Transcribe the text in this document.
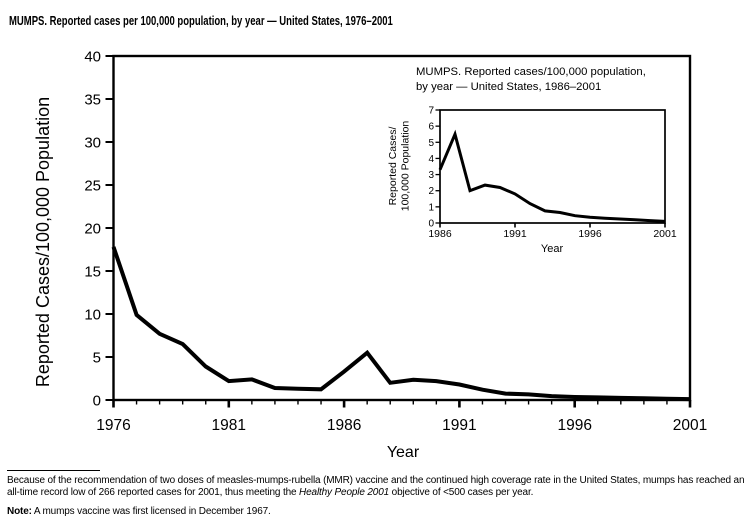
MUMPS. Reported cases per 100,000 population, by year — United States, 1976–2001
0
5
10
15
20
25
30
35
40
1976	1981	1986	1991	1996	2001
Year
Reported Cases/100,000 Population	0
1
2
3
4
5
6
7
1986	1991	1996	2001
Year
Reported Cases/ 100,000 Population
MUMPS. Reported cases/100,000 population,
by year — United States, 1986–2001

Because of the recommendation of two doses of measles-mumps-rubella (MMR) vaccine and the continued high coverage rate in the United States, mumps has reached an all-time record low of 266 reported cases for 2001, thus meeting the Healthy People 2001 objective of <500 cases per year.

Note: A mumps vaccine was first licensed in December 1967.
